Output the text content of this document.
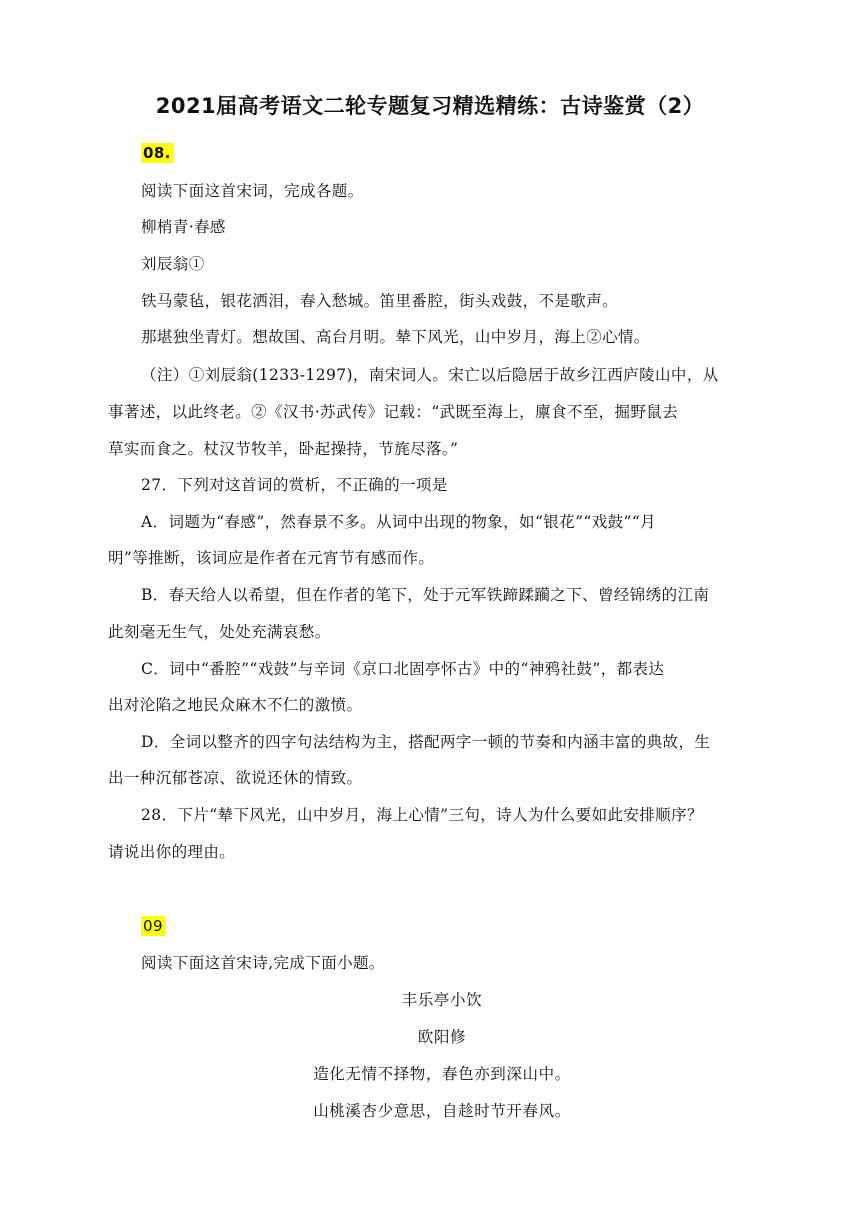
2021届高考语文二轮专题复习精选精练：古诗鉴赏（2）
08.
阅读下面这首宋词，完成各题。
柳梢青·春感
刘辰翁①
铁马蒙毡，银花洒泪，春入愁城。笛里番腔，街头戏鼓，不是歌声。
那堪独坐青灯。想故国、高台月明。辇下风光，山中岁月，海上②心情。
（注）①刘辰翁(1233-1297)，南宋词人。宋亡以后隐居于故乡江西庐陵山中，从
事著述，以此终老。②《汉书·苏武传》记载：“武既至海上，廪食不至，掘野鼠去
草实而食之。杖汉节牧羊，卧起操持，节旄尽落。”
27．下列对这首词的赏析，不正确的一项是
A．词题为“春感”，然春景不多。从词中出现的物象，如“银花”“戏鼓”“月
明”等推断，该词应是作者在元宵节有感而作。
B．春天给人以希望，但在作者的笔下，处于元军铁蹄蹂躏之下、曾经锦绣的江南
此刻毫无生气，处处充满哀愁。
C．词中“番腔”“戏鼓”与辛词《京口北固亭怀古》中的“神鸦社鼓”，都表达
出对沦陷之地民众麻木不仁的激愤。
D．全词以整齐的四字句法结构为主，搭配两字一顿的节奏和内涵丰富的典故，生
出一种沉郁苍凉、欲说还休的情致。
28．下片“辇下风光，山中岁月，海上心情”三句，诗人为什么要如此安排顺序？
请说出你的理由。
09
阅读下面这首宋诗,完成下面小题。
丰乐亭小饮
欧阳修
造化无情不择物，春色亦到深山中。
山桃溪杏少意思，自趁时节开春风。
